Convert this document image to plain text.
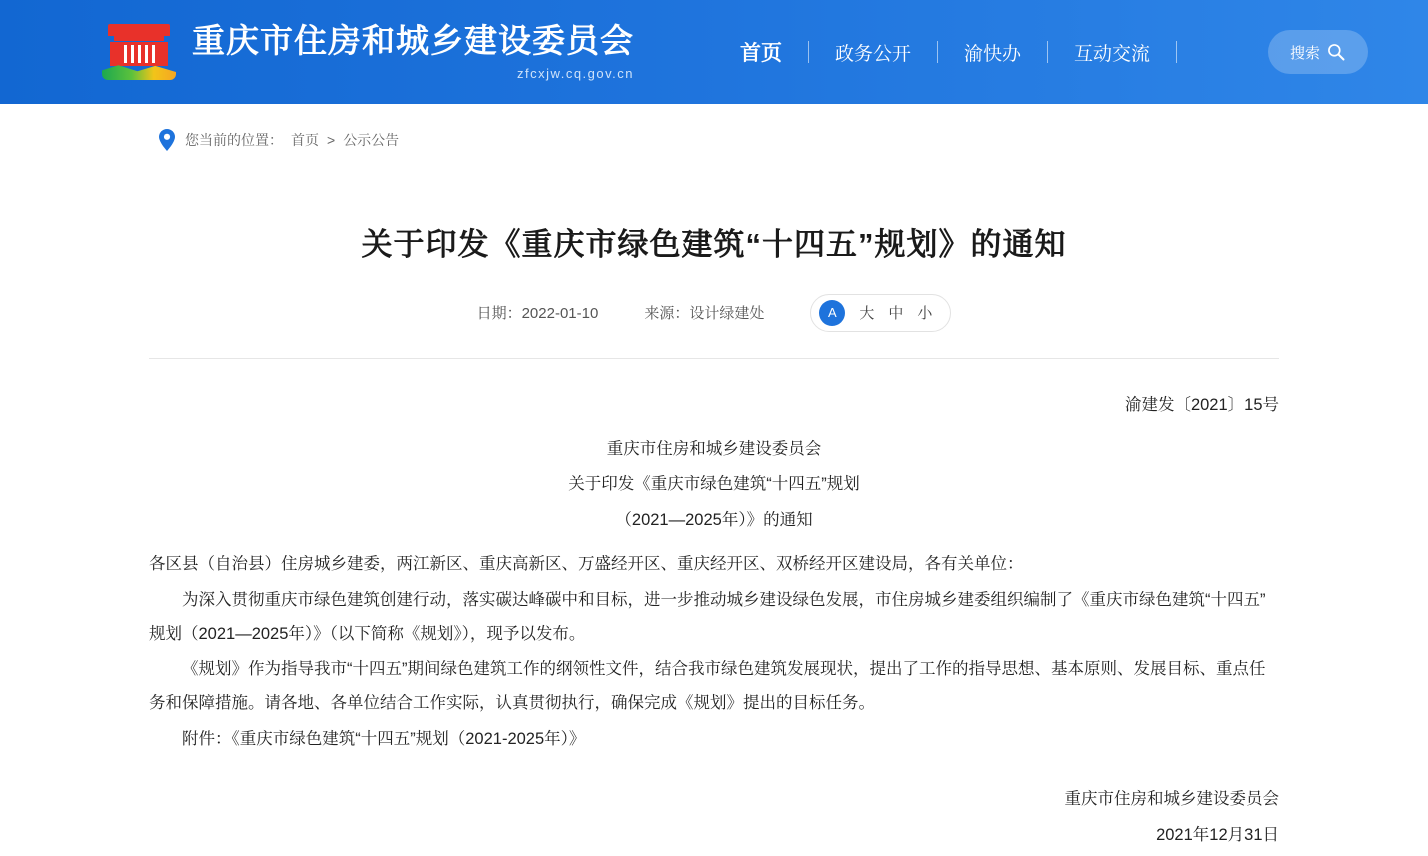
重庆市住房和城乡建设委员会
zfcxjw.cq.gov.cn
首页	政务公开	渝快办	互动交流	搜索
您当前的位置： 首页 > 公示公告
关于印发《重庆市绿色建筑“十四五”规划》的通知
日期：2022-01-10	来源：设计绿建处	A	大 中 小
渝建发〔2021〕15号
重庆市住房和城乡建设委员会
关于印发《重庆市绿色建筑“十四五”规划
（2021—2025年）》的通知
各区县（自治县）住房城乡建委，两江新区、重庆高新区、万盛经开区、重庆经开区、双桥经开区建设局，各有关单位：
为深入贯彻重庆市绿色建筑创建行动，落实碳达峰碳中和目标，进一步推动城乡建设绿色发展，市住房城乡建委组织编制了《重庆市绿色建筑“十四五”规划（2021—2025年）》（以下简称《规划》），现予以发布。
《规划》作为指导我市“十四五”期间绿色建筑工作的纲领性文件，结合我市绿色建筑发展现状，提出了工作的指导思想、基本原则、发展目标、重点任务和保障措施。请各地、各单位结合工作实际，认真贯彻执行，确保完成《规划》提出的目标任务。
附件：《重庆市绿色建筑“十四五”规划（2021-2025年）》
重庆市住房和城乡建设委员会
2021年12月31日
